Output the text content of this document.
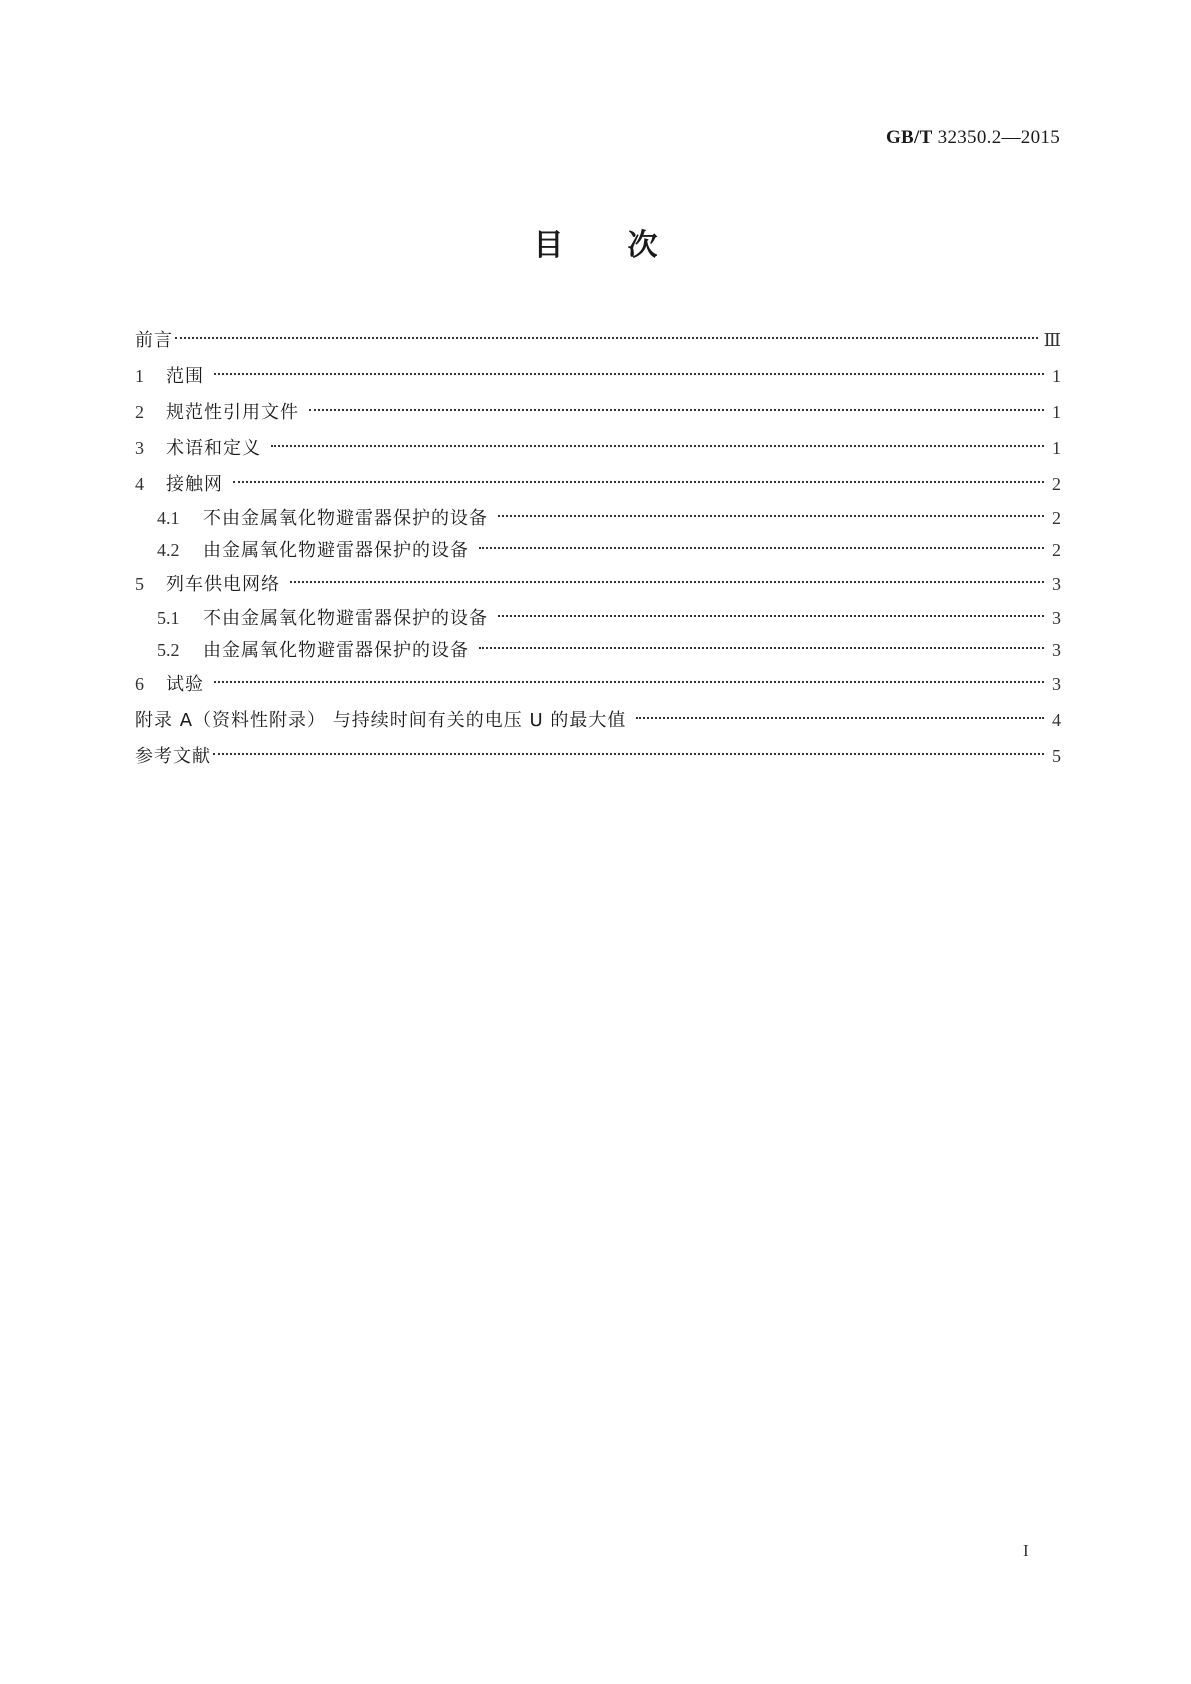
GB/T 32350.2—2015
目 次
前言	Ⅲ
1	范围	1
2	规范性引用文件	1
3	术语和定义	1
4	接触网	2
4.1	不由金属氧化物避雷器保护的设备	2
4.2	由金属氧化物避雷器保护的设备	2
5	列车供电网络	3
5.1	不由金属氧化物避雷器保护的设备	3
5.2	由金属氧化物避雷器保护的设备	3
6	试验	3
附录 A（资料性附录） 与持续时间有关的电压 U 的最大值	4
参考文献	5
I
